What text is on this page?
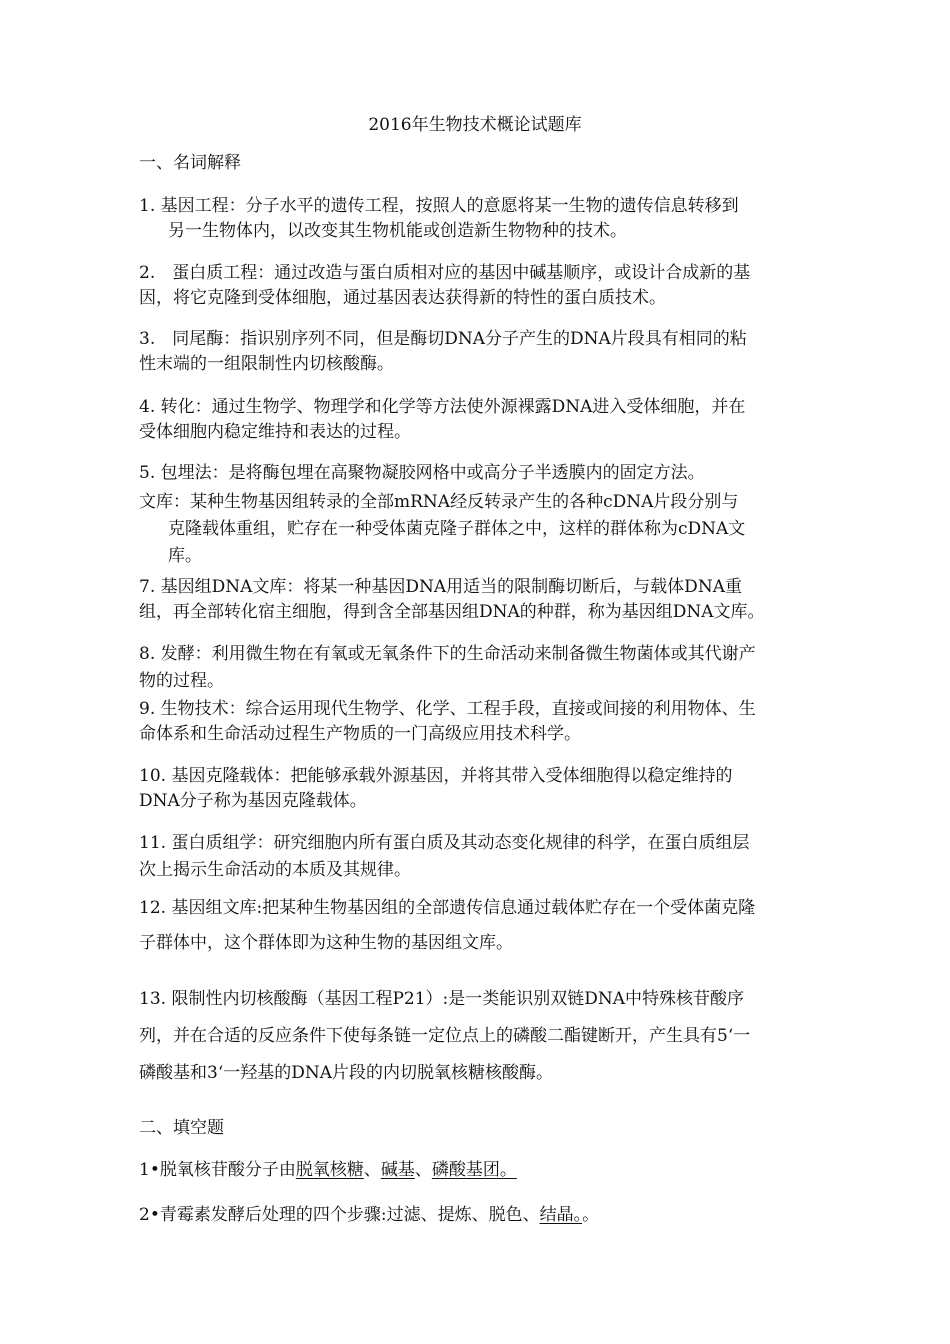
2016年生物技术概论试题库
一、名词解释
1. 基因工程：分子水平的遗传工程，按照人的意愿将某一生物的遗传信息转移到
另一生物体内，以改变其生物机能或创造新生物物种的技术。
2.　蛋白质工程：通过改造与蛋白质相对应的基因中碱基顺序，或设计合成新的基
因，将它克隆到受体细胞，通过基因表达获得新的特性的蛋白质技术。
3.　同尾酶：指识别序列不同，但是酶切DNA分子产生的DNA片段具有相同的粘
性末端的一组限制性内切核酸酶。
4. 转化：通过生物学、物理学和化学等方法使外源裸露DNA进入受体细胞，并在
受体细胞内稳定维持和表达的过程。
5. 包埋法：是将酶包埋在高聚物凝胶网格中或高分子半透膜内的固定方法。
文库：某种生物基因组转录的全部mRNA经反转录产生的各种cDNA片段分别与
克隆载体重组，贮存在一种受体菌克隆子群体之中，这样的群体称为cDNA文
库。
7. 基因组DNA文库：将某一种基因DNA用适当的限制酶切断后，与载体DNA重
组，再全部转化宿主细胞，得到含全部基因组DNA的种群，称为基因组DNA文库。
8. 发酵：利用微生物在有氧或无氧条件下的生命活动来制备微生物菌体或其代谢产
物的过程。
9. 生物技术：综合运用现代生物学、化学、工程手段，直接或间接的利用物体、生
命体系和生命活动过程生产物质的一门高级应用技术科学。
10. 基因克隆载体：把能够承载外源基因，并将其带入受体细胞得以稳定维持的
DNA分子称为基因克隆载体。
11. 蛋白质组学：研究细胞内所有蛋白质及其动态变化规律的科学，在蛋白质组层
次上揭示生命活动的本质及其规律。
12. 基因组文库:把某种生物基因组的全部遗传信息通过载体贮存在一个受体菌克隆
子群体中，这个群体即为这种生物的基因组文库。
13. 限制性内切核酸酶（基因工程P21）:是一类能识别双链DNA中特殊核苷酸序
列，并在合适的反应条件下使每条链一定位点上的磷酸二酯键断开，产生具有5‘一
磷酸基和3‘一羟基的DNA片段的内切脱氧核糖核酸酶。
二、填空题
1•脱氧核苷酸分子由脱氧核糖、碱基、磷酸基团。
2•青霉素发酵后处理的四个步骤:过滤、提炼、脱色、结晶。。
